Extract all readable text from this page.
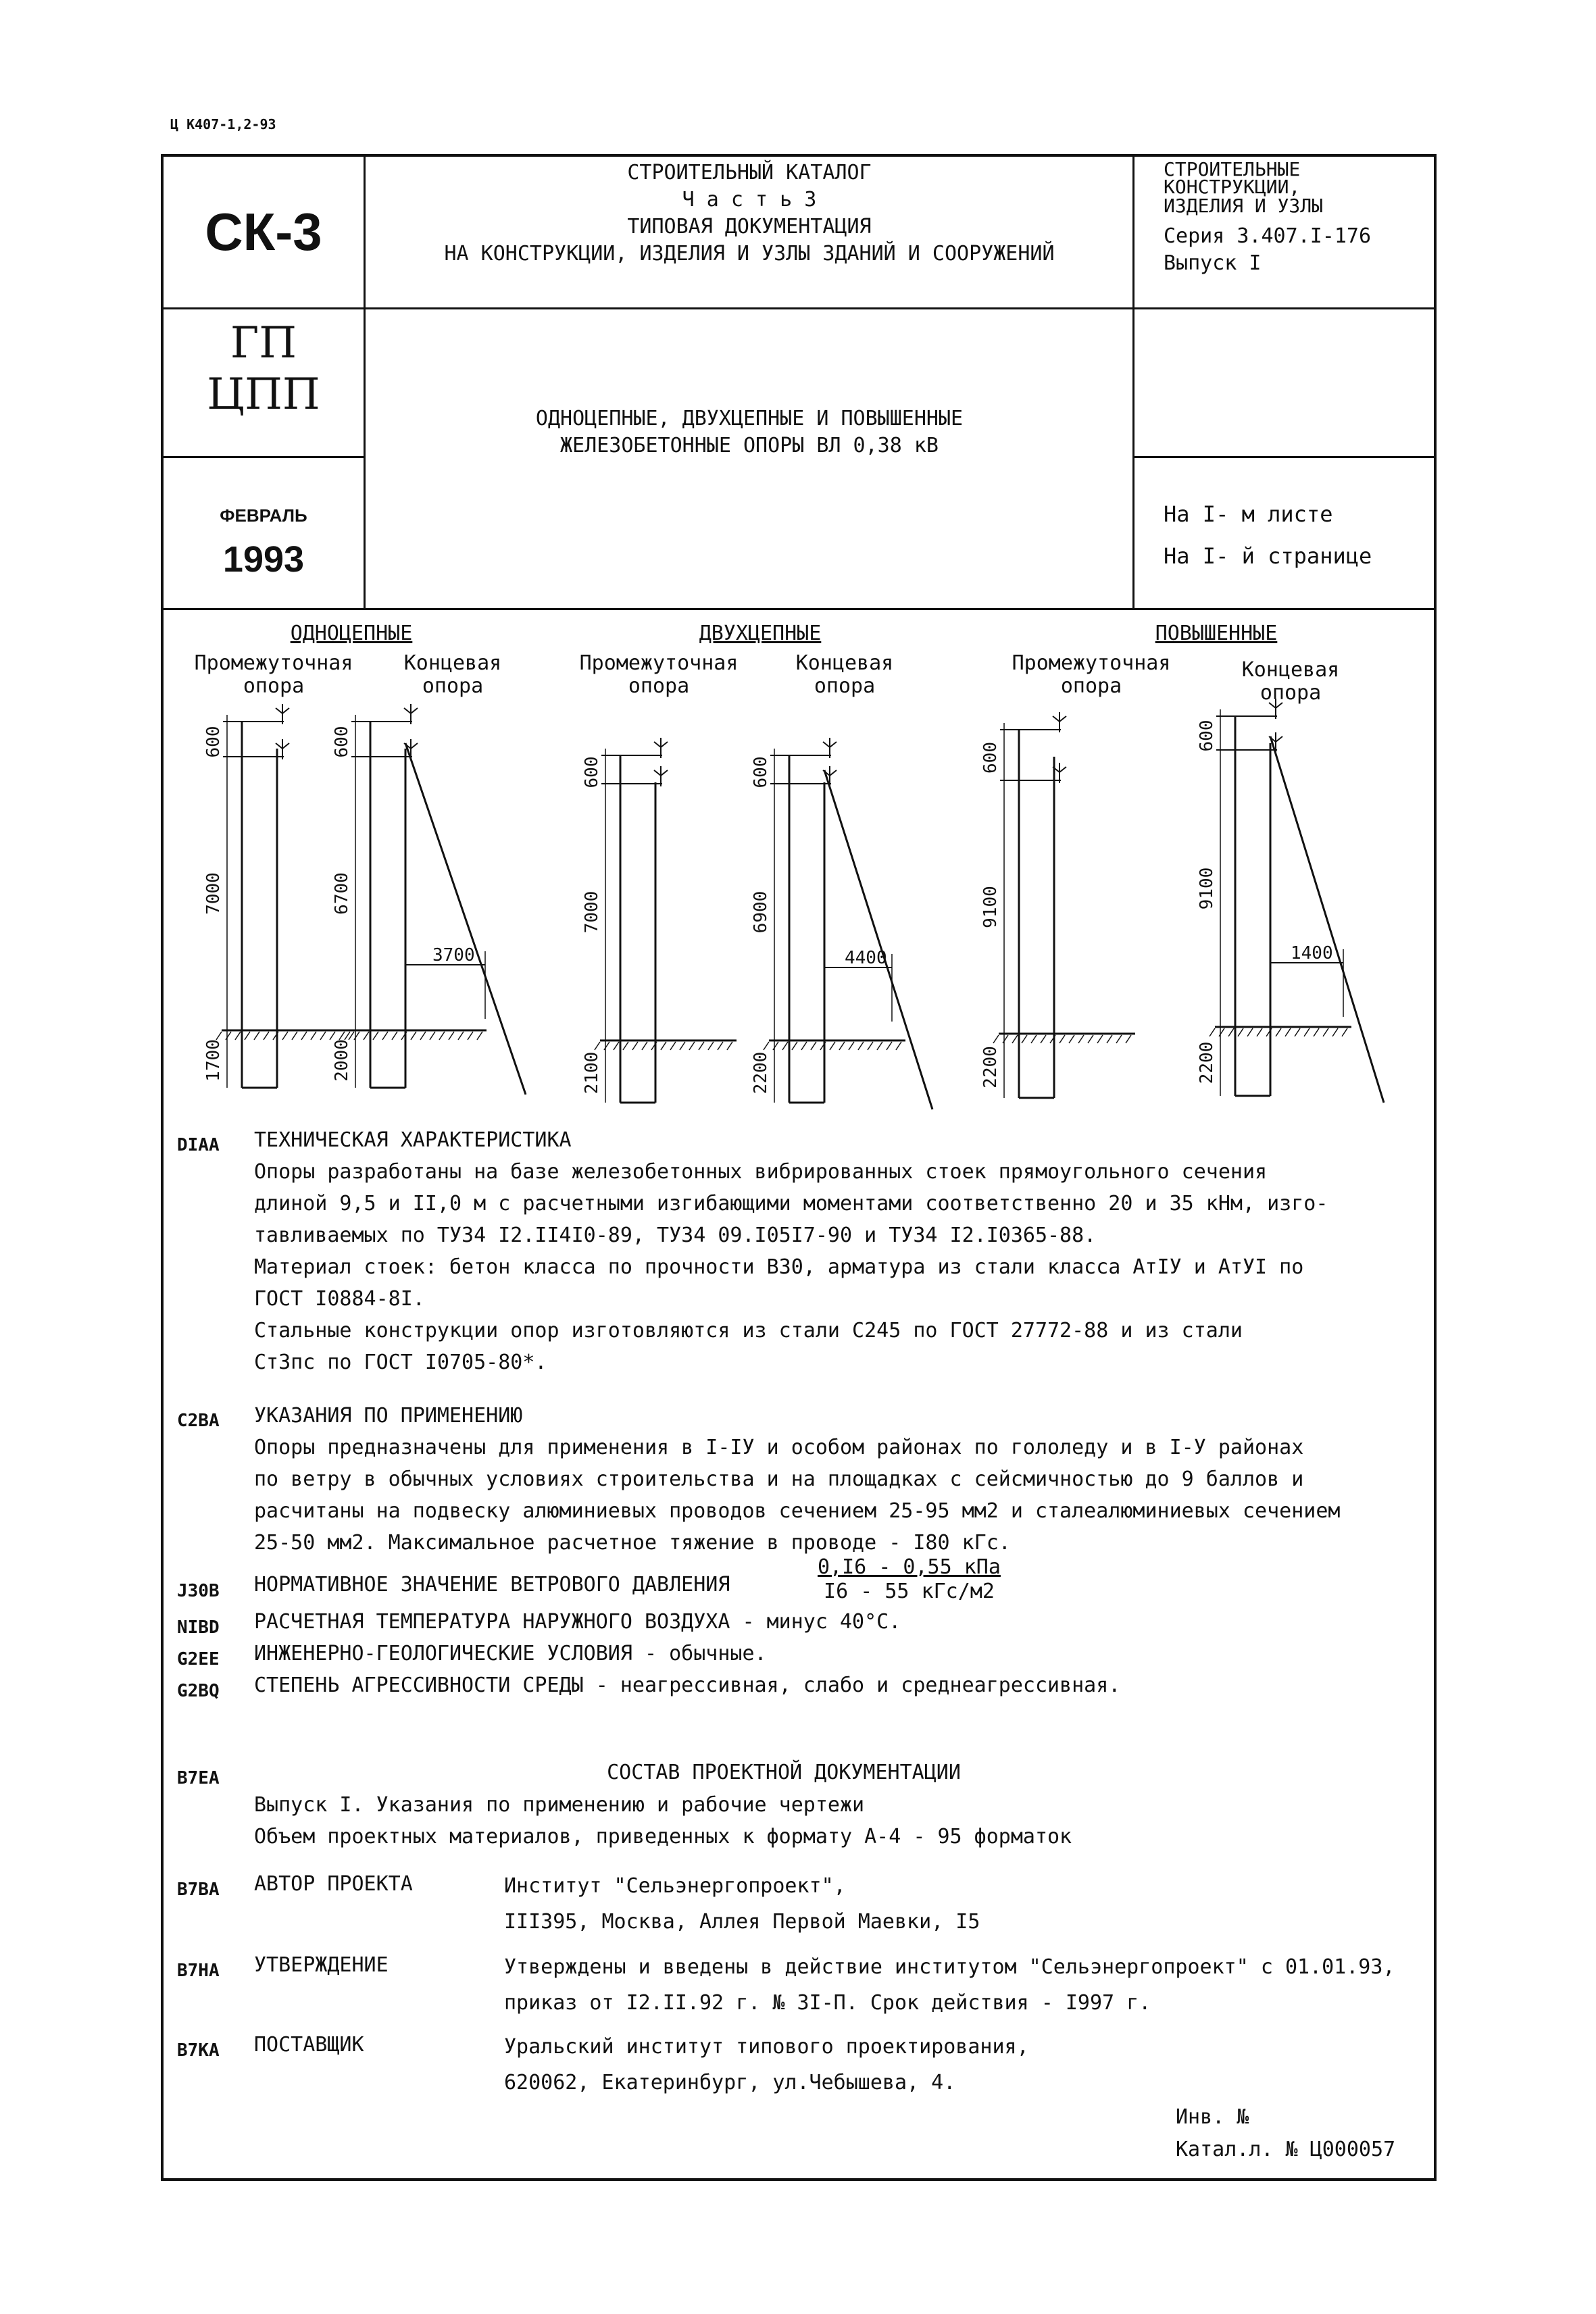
Ц К407-1,2-93
СК-3
СТРОИТЕЛЬНЫЙ КАТАЛОГ
Ч а с т ь 3
ТИПОВАЯ ДОКУМЕНТАЦИЯ
НА КОНСТРУКЦИИ, ИЗДЕЛИЯ И УЗЛЫ ЗДАНИЙ И СООРУЖЕНИЙ
СТРОИТЕЛЬНЫЕ
КОНСТРУКЦИИ,
ИЗДЕЛИЯ И УЗЛЫ
Серия 3.407.I-176
Выпуск I
ГП
ЦПП	ОДНОЦЕПНЫЕ, ДВУХЦЕПНЫЕ И ПОВЫШЕННЫЕ
ЖЕЛЕЗОБЕТОННЫЕ ОПОРЫ ВЛ 0,38 кВ
ФЕВРАЛЬ
1993
На I- м листе
На I- й странице
ОДНОЦЕПНЫЕ	ДВУХЦЕПНЫЕ	ПОВЫШЕННЫЕ
Промежуточная
опора
Концевая
опора
Промежуточная
опора
Концевая
опора
Промежуточная
опора
Концевая
опора
600
7000
1700
600
6700
2000
3700
600
7000
2100
600
6900
2200
4400
600
9100
2200
600
9100
2200
1400
DIAA ТЕХНИЧЕСКАЯ ХАРАКТЕРИСТИКА
Опоры разработаны на базе железобетонных вибрированных стоек прямоугольного сечения
длиной 9,5 и II,0 м с расчетными изгибающими моментами соответственно 20 и 35 кНм, изго-
тавливаемых по ТУ34 I2.II4I0-89, ТУ34 09.I05I7-90 и ТУ34 I2.I0365-88.
Материал стоек: бетон класса по прочности В30, арматура из стали класса АтIУ и АтУI по
ГОСТ I0884-8I.
Стальные конструкции опор изготовляются из стали С245 по ГОСТ 27772-88 и из стали
СтЗпс по ГОСТ I0705-80*.
C2BA УКАЗАНИЯ ПО ПРИМЕНЕНИЮ
Опоры предназначены для применения в I-IУ и особом районах по гололеду и в I-У районах
по ветру в обычных условиях строительства и на площадках с сейсмичностью до 9 баллов и
расчитаны на подвеску алюминиевых проводов сечением 25-95 мм2 и сталеалюминиевых сечением
25-50 мм2. Максимальное расчетное тяжение в проводе - I80 кГс.
J30B НОРМАТИВНОЕ ЗНАЧЕНИЕ ВЕТРОВОГО ДАВЛЕНИЯ
0,I6 - 0,55 кПа
I6 - 55 кГс/м2
NIBD РАСЧЕТНАЯ ТЕМПЕРАТУРА НАРУЖНОГО ВОЗДУХА - минус 40°С.
G2EE ИНЖЕНЕРНО-ГЕОЛОГИЧЕСКИЕ УСЛОВИЯ - обычные.
G2BQ СТЕПЕНЬ АГРЕССИВНОСТИ СРЕДЫ - неагрессивная, слабо и среднеагрессивная.
B7EA	СОСТАВ ПРОЕКТНОЙ ДОКУМЕНТАЦИИ
Выпуск I. Указания по применению и рабочие чертежи
Объем проектных материалов, приведенных к формату А-4 - 95 форматок
B7BA АВТОР ПРОЕКТА	Институт "Сельэнергопроект",
III395, Москва, Аллея Первой Маевки, I5
B7HA УТВЕРЖДЕНИЕ	Утверждены и введены в действие институтом "Сельэнергопроект" с 01.01.93,
приказ от I2.II.92 г. № 3I-П. Срок действия - I997 г.
B7KA ПОСТАВЩИК	Уральский институт типового проектирования,
620062, Екатеринбург, ул.Чебышева, 4.
Инв. №
Катал.л. № Ц000057
